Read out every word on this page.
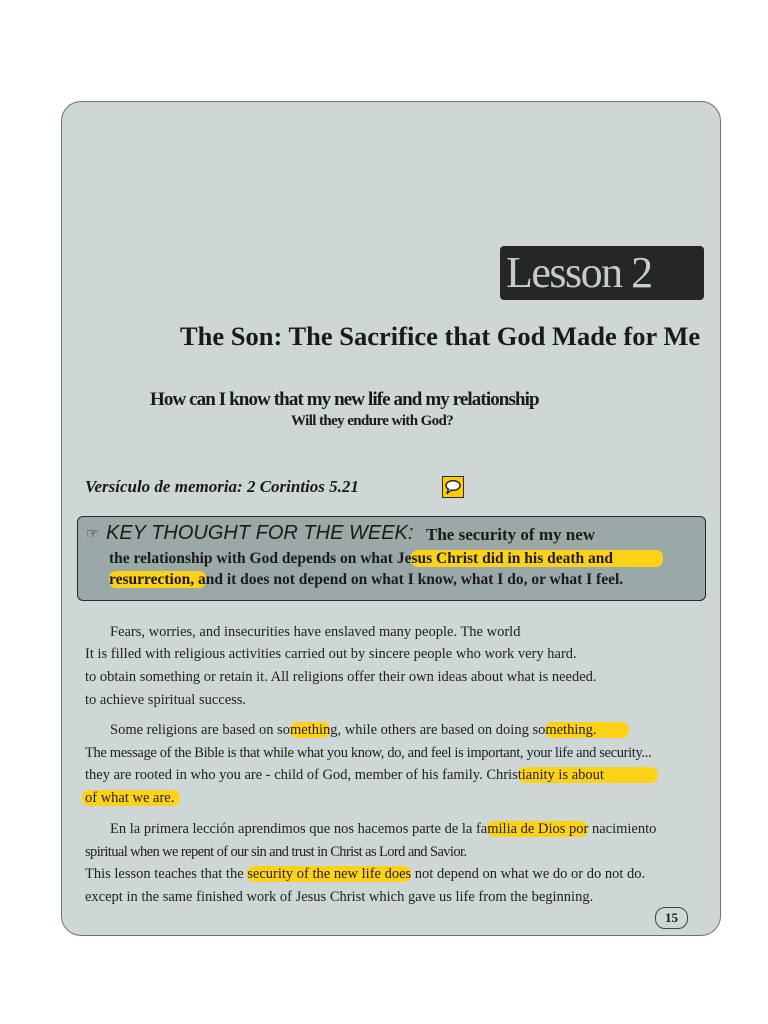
Lesson 2
The Son: The Sacrifice that God Made for Me
How can I know that my new life and my relationship
Will they endure with God?
Versículo de memoria: 2 Corintios 5.21
☞ KEY THOUGHT FOR THE WEEK: The security of my new
the relationship with God depends on what Jesus Christ did in his death and
resurrection, and it does not depend on what I know, what I do, or what I feel.
Fears, worries, and insecurities have enslaved many people. The world
It is filled with religious activities carried out by sincere people who work very hard.
to obtain something or retain it. All religions offer their own ideas about what is needed.
to achieve spiritual success.
Some religions are based on something, while others are based on doing something.
The message of the Bible is that while what you know, do, and feel is important, your life and security...
they are rooted in who you are - child of God, member of his family. Christianity is about
of what we are.
En la primera lección aprendimos que nos hacemos parte de la familia de Dios por nacimiento
spiritual when we repent of our sin and trust in Christ as Lord and Savior.
This lesson teaches that the security of the new life does not depend on what we do or do not do.
except in the same finished work of Jesus Christ which gave us life from the beginning.
15
